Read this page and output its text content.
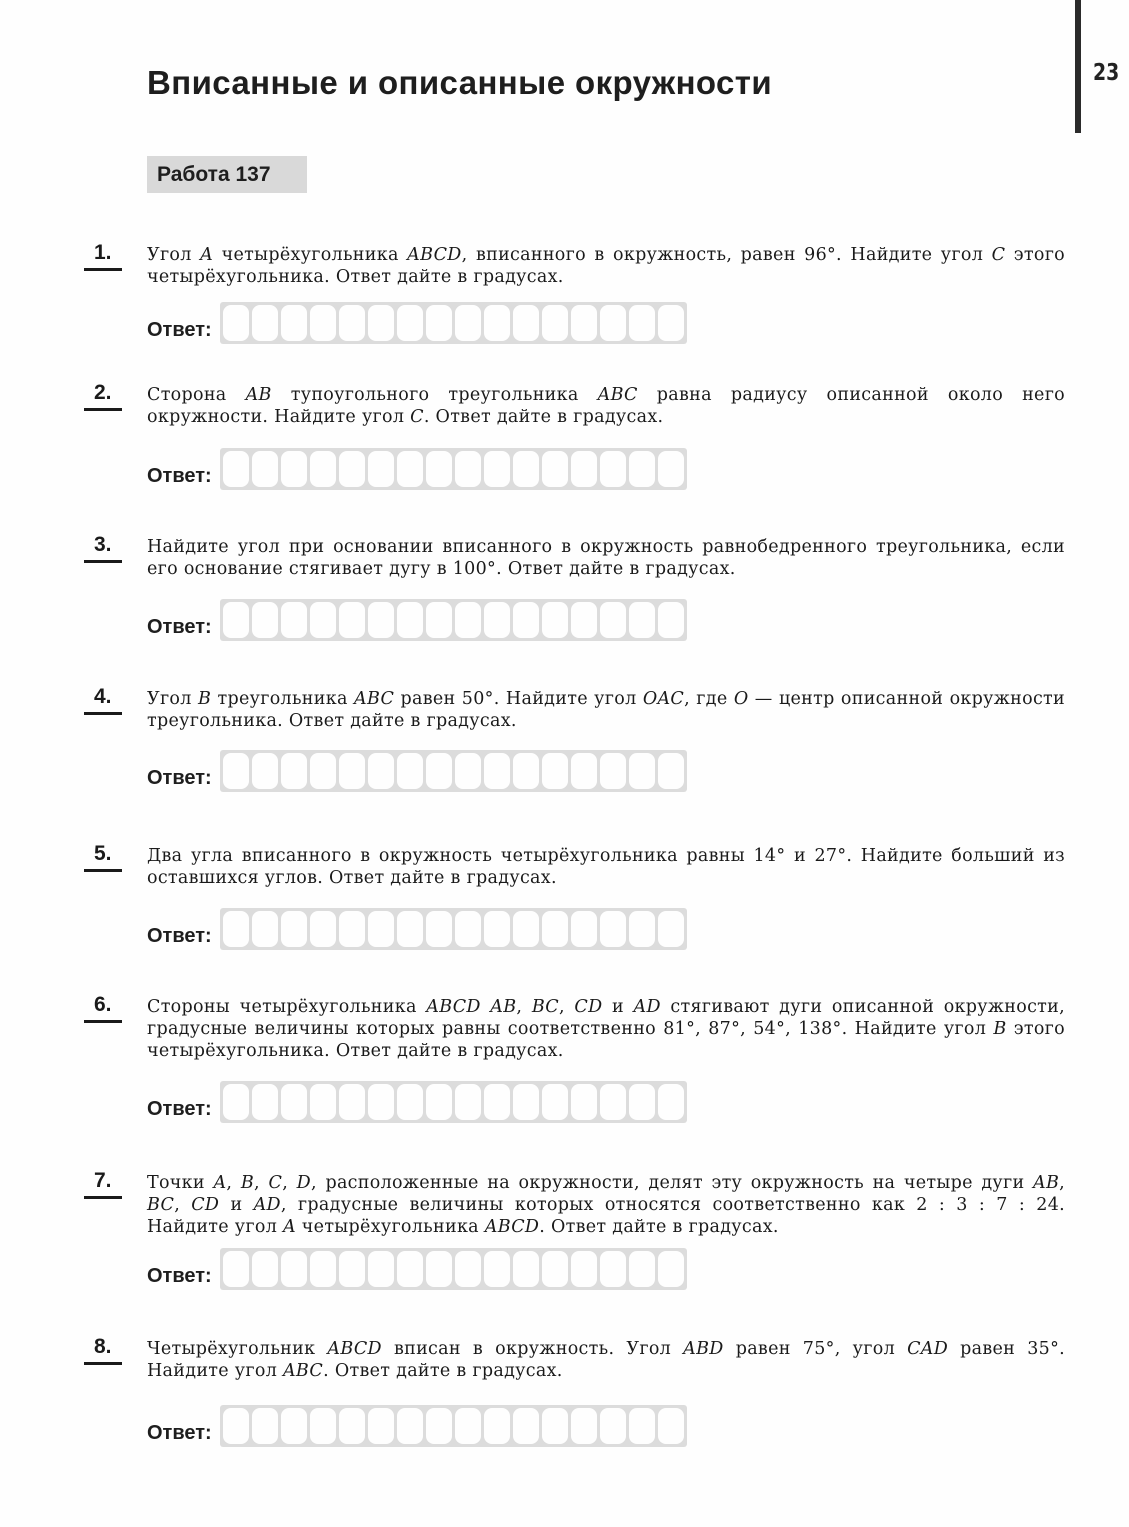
23
Вписанные и описанные окружности
Работа 137
1.	Угол A четырёхугольника ABCD, вписанного в окружность, равен 96°. Найдите угол C этого четырёхугольника. Ответ дайте в градусах.
Ответ:
2.	Сторона AB тупоугольного треугольника ABC равна радиусу описанной около него окружности. Найдите угол C. Ответ дайте в градусах.
Ответ:
3.	Найдите угол при основании вписанного в окружность равнобедренного треугольника, если его основание стягивает дугу в 100°. Ответ дайте в градусах.
Ответ:
4.	Угол B треугольника ABC равен 50°. Найдите угол OAC, где O — центр описанной окружности треугольника. Ответ дайте в градусах.
Ответ:
5.	Два угла вписанного в окружность четырёхугольника равны 14° и 27°. Найдите больший из оставшихся углов. Ответ дайте в градусах.
Ответ:
6.	Стороны четырёхугольника ABCD AB, BC, CD и AD стягивают дуги описанной окружности, градусные величины которых равны соответственно 81°, 87°, 54°, 138°. Найдите угол B этого четырёхугольника. Ответ дайте в градусах.
Ответ:
7.	Точки A, B, C, D, расположенные на окружности, делят эту окружность на четыре дуги AB, BC, CD и AD, градусные величины которых относятся соответственно как 2 : 3 : 7 : 24. Найдите угол A четырёхугольника ABCD. Ответ дайте в градусах.
Ответ:
8.	Четырёхугольник ABCD вписан в окружность. Угол ABD равен 75°, угол CAD равен 35°. Найдите угол ABC. Ответ дайте в градусах.
Ответ:
